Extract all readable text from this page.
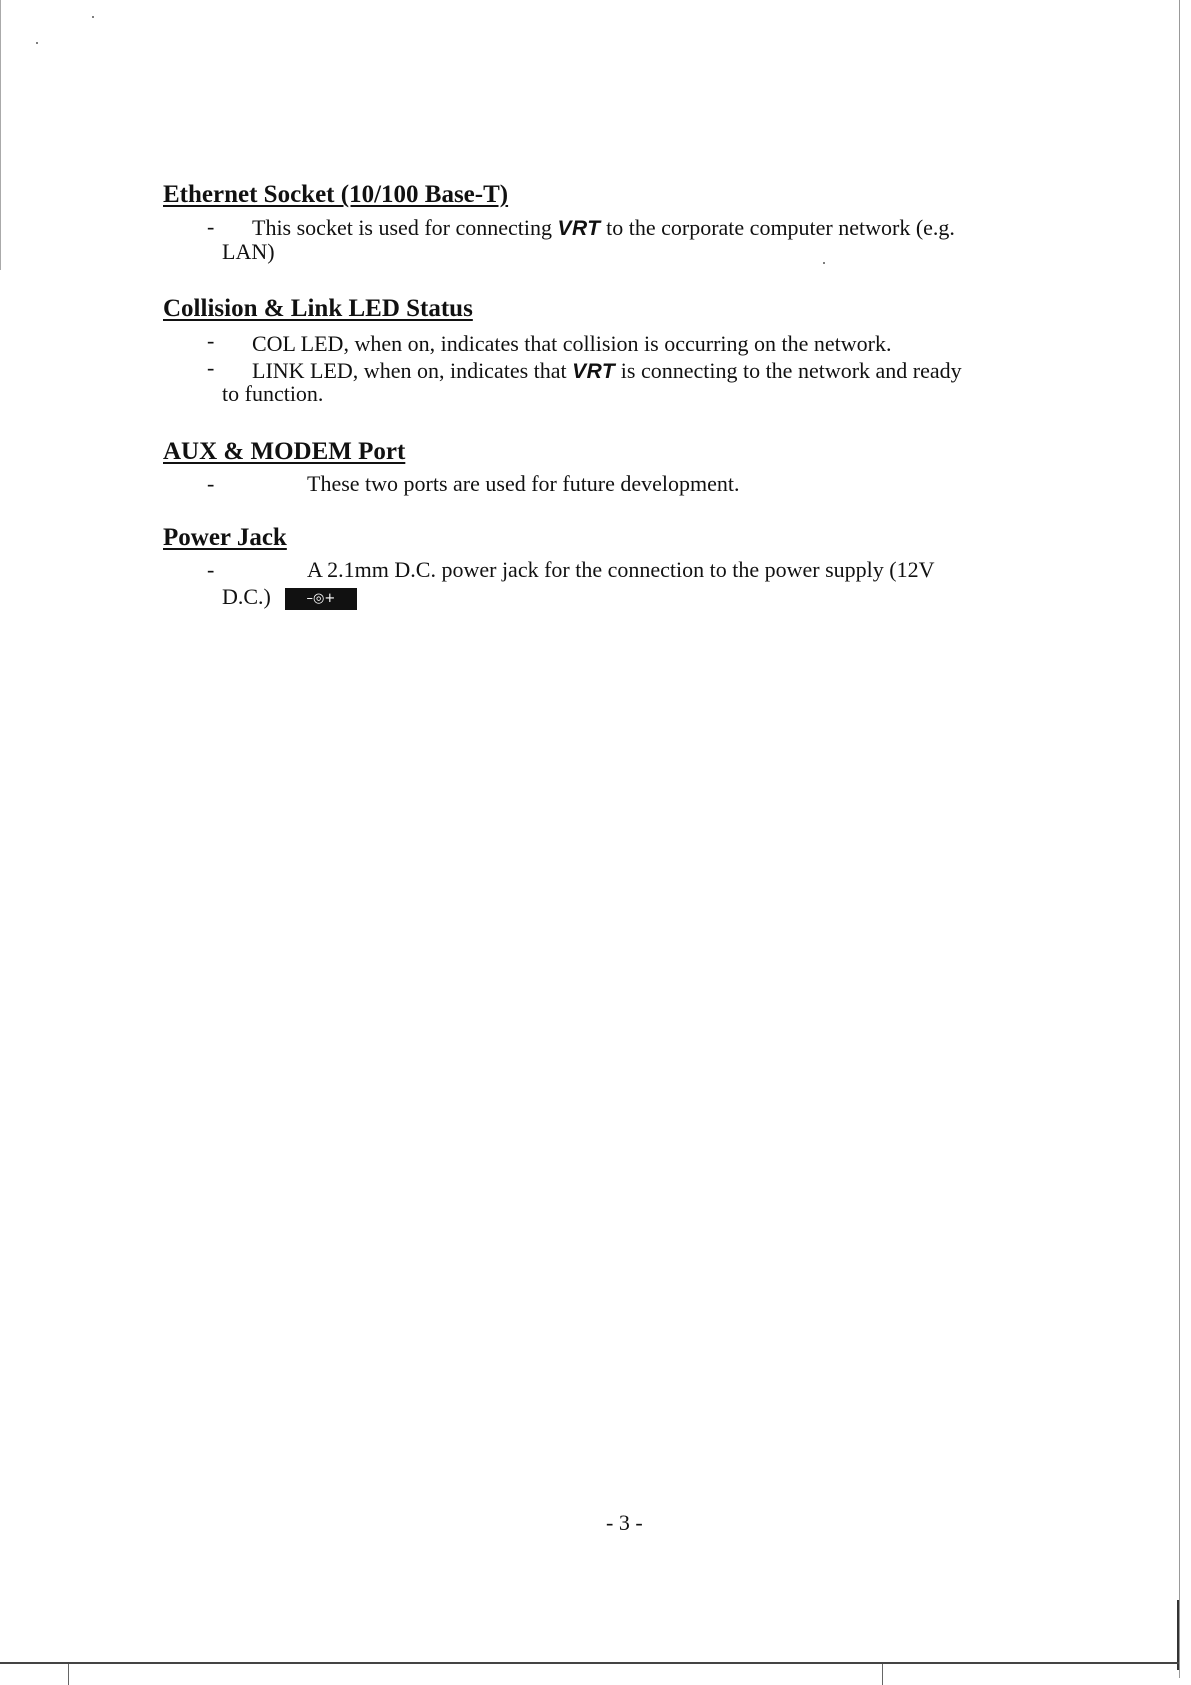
Ethernet Socket (10/100 Base-T)
- This socket is used for connecting VRT to the corporate computer network (e.g.
LAN)
Collision & Link LED Status
- COL LED, when on, indicates that collision is occurring on the network.
- LINK LED, when on, indicates that VRT is connecting to the network and ready
to function.
AUX & MODEM Port
-	These two ports are used for future development.
Power Jack
-	A 2.1mm D.C. power jack for the connection to the power supply (12V
D.C.)	–◎+
- 3 -
